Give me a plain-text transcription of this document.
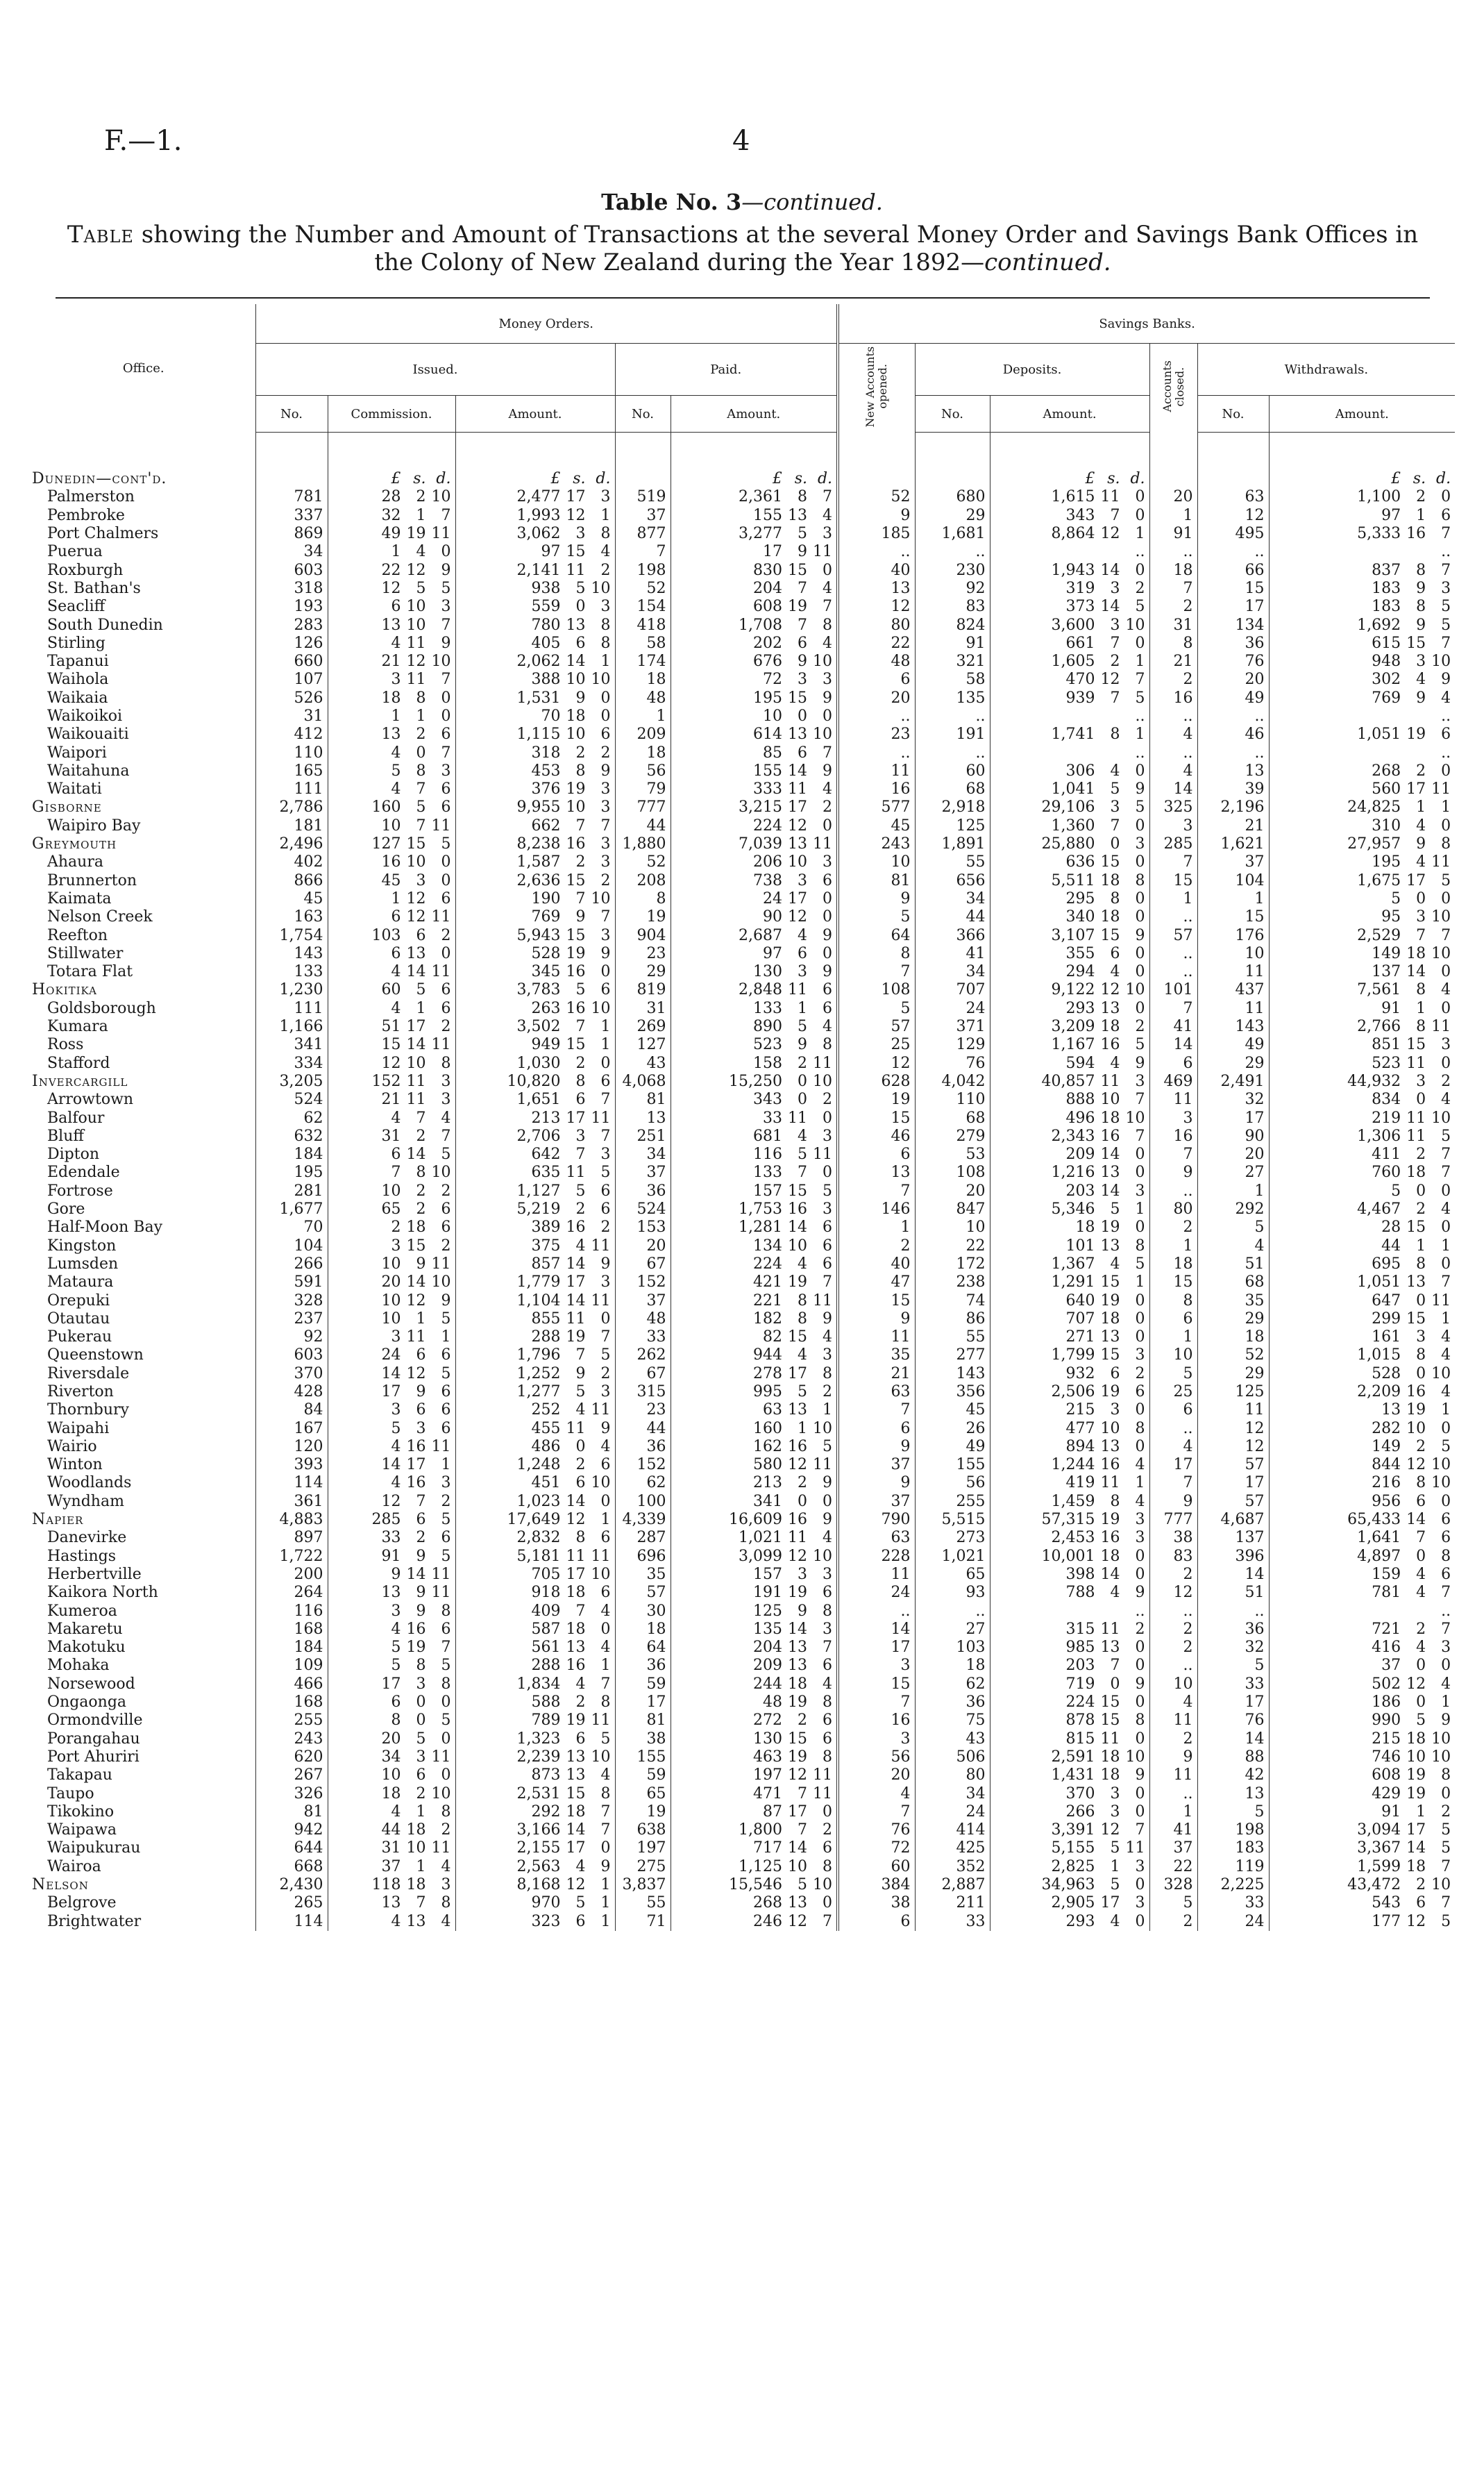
F.—1.	4
Table No. 3—continued.
Table showing the Number and Amount of Transactions at the several Money Order and Savings Bank Offices in the Colony of New Zealand during the Year 1892—continued.
Office.	Money Orders.					Savings Banks.					
	Issued.			Paid.		New Accounts opened.	Deposits.		Accounts closed.	Withdrawals.	
	No.	Commission.	Amount.	No.	Amount.		No.	Amount.		No.	Amount.

Dunedin—cont'd.		£ s. d.	£ s. d.		£ s. d.			£ s. d.			£ s. d.

Palmerston	781	28 2 10	2,477 17 3	519	2,361 8 7	52	680	1,615 11 0	20	63	1,100 2 0

Pembroke	337	32 1 7	1,993 12 1	37	155 13 4	9	29	343 7 0	1	12	97 1 6

Port Chalmers	869	49 19 11	3,062 3 8	877	3,277 5 3	185	1,681	8,864 12 1	91	495	5,333 16 7

Puerua	34	1 4 0	97 15 4	7	17 9 11	..	..	..	..	..	..
Roxburgh	603	22 12 9	2,141 11 2	198	830 15 0	40	230	1,943 14 0	18	66	837 8 7

St. Bathan's	318	12 5 5	938 5 10	52	204 7 4	13	92	319 3 2	7	15	183 9 3

Seacliff	193	6 10 3	559 0 3	154	608 19 7	12	83	373 14 5	2	17	183 8 5

South Dunedin	283	13 10 7	780 13 8	418	1,708 7 8	80	824	3,600 3 10	31	134	1,692 9 5

Stirling	126	4 11 9	405 6 8	58	202 6 4	22	91	661 7 0	8	36	615 15 7

Tapanui	660	21 12 10	2,062 14 1	174	676 9 10	48	321	1,605 2 1	21	76	948 3 10

Waihola	107	3 11 7	388 10 10	18	72 3 3	6	58	470 12 7	2	20	302 4 9

Waikaia	526	18 8 0	1,531 9 0	48	195 15 9	20	135	939 7 5	16	49	769 9 4

Waikoikoi	31	1 1 0	70 18 0	1	10 0 0	..	..	..	..	..	..
Waikouaiti	412	13 2 6	1,115 10 6	209	614 13 10	23	191	1,741 8 1	4	46	1,051 19 6

Waipori	110	4 0 7	318 2 2	18	85 6 7	..	..	..	..	..	..
Waitahuna	165	5 8 3	453 8 9	56	155 14 9	11	60	306 4 0	4	13	268 2 0

Waitati	111	4 7 6	376 19 3	79	333 11 4	16	68	1,041 5 9	14	39	560 17 11

Gisborne	2,786	160 5 6	9,955 10 3	777	3,215 17 2	577	2,918	29,106 3 5	325	2,196	24,825 1 1

Waipiro Bay	181	10 7 11	662 7 7	44	224 12 0	45	125	1,360 7 0	3	21	310 4 0

Greymouth	2,496	127 15 5	8,238 16 3	1,880	7,039 13 11	243	1,891	25,880 0 3	285	1,621	27,957 9 8

Ahaura	402	16 10 0	1,587 2 3	52	206 10 3	10	55	636 15 0	7	37	195 4 11

Brunnerton	866	45 3 0	2,636 15 2	208	738 3 6	81	656	5,511 18 8	15	104	1,675 17 5

Kaimata	45	1 12 6	190 7 10	8	24 17 0	9	34	295 8 0	1	1	5 0 0

Nelson Creek	163	6 12 11	769 9 7	19	90 12 0	5	44	340 18 0	..	15	95 3 10

Reefton	1,754	103 6 2	5,943 15 3	904	2,687 4 9	64	366	3,107 15 9	57	176	2,529 7 7

Stillwater	143	6 13 0	528 19 9	23	97 6 0	8	41	355 6 0	..	10	149 18 10

Totara Flat	133	4 14 11	345 16 0	29	130 3 9	7	34	294 4 0	..	11	137 14 0

Hokitika	1,230	60 5 6	3,783 5 6	819	2,848 11 6	108	707	9,122 12 10	101	437	7,561 8 4

Goldsborough	111	4 1 6	263 16 10	31	133 1 6	5	24	293 13 0	7	11	91 1 0

Kumara	1,166	51 17 2	3,502 7 1	269	890 5 4	57	371	3,209 18 2	41	143	2,766 8 11

Ross	341	15 14 11	949 15 1	127	523 9 8	25	129	1,167 16 5	14	49	851 15 3

Stafford	334	12 10 8	1,030 2 0	43	158 2 11	12	76	594 4 9	6	29	523 11 0

Invercargill	3,205	152 11 3	10,820 8 6	4,068	15,250 0 10	628	4,042	40,857 11 3	469	2,491	44,932 3 2

Arrowtown	524	21 11 3	1,651 6 7	81	343 0 2	19	110	888 10 7	11	32	834 0 4

Balfour	62	4 7 4	213 17 11	13	33 11 0	15	68	496 18 10	3	17	219 11 10

Bluff	632	31 2 7	2,706 3 7	251	681 4 3	46	279	2,343 16 7	16	90	1,306 11 5

Dipton	184	6 14 5	642 7 3	34	116 5 11	6	53	209 14 0	7	20	411 2 7

Edendale	195	7 8 10	635 11 5	37	133 7 0	13	108	1,216 13 0	9	27	760 18 7

Fortrose	281	10 2 2	1,127 5 6	36	157 15 5	7	20	203 14 3	..	1	5 0 0

Gore	1,677	65 2 6	5,219 2 6	524	1,753 16 3	146	847	5,346 5 1	80	292	4,467 2 4

Half-Moon Bay	70	2 18 6	389 16 2	153	1,281 14 6	1	10	18 19 0	2	5	28 15 0

Kingston	104	3 15 2	375 4 11	20	134 10 6	2	22	101 13 8	1	4	44 1 1

Lumsden	266	10 9 11	857 14 9	67	224 4 6	40	172	1,367 4 5	18	51	695 8 0

Mataura	591	20 14 10	1,779 17 3	152	421 19 7	47	238	1,291 15 1	15	68	1,051 13 7

Orepuki	328	10 12 9	1,104 14 11	37	221 8 11	15	74	640 19 0	8	35	647 0 11

Otautau	237	10 1 5	855 11 0	48	182 8 9	9	86	707 18 0	6	29	299 15 1

Pukerau	92	3 11 1	288 19 7	33	82 15 4	11	55	271 13 0	1	18	161 3 4

Queenstown	603	24 6 6	1,796 7 5	262	944 4 3	35	277	1,799 15 3	10	52	1,015 8 4

Riversdale	370	14 12 5	1,252 9 2	67	278 17 8	21	143	932 6 2	5	29	528 0 10

Riverton	428	17 9 6	1,277 5 3	315	995 5 2	63	356	2,506 19 6	25	125	2,209 16 4

Thornbury	84	3 6 6	252 4 11	23	63 13 1	7	45	215 3 0	6	11	13 19 1

Waipahi	167	5 3 6	455 11 9	44	160 1 10	6	26	477 10 8	..	12	282 10 0

Wairio	120	4 16 11	486 0 4	36	162 16 5	9	49	894 13 0	4	12	149 2 5

Winton	393	14 17 1	1,248 2 6	152	580 12 11	37	155	1,244 16 4	17	57	844 12 10

Woodlands	114	4 16 3	451 6 10	62	213 2 9	9	56	419 11 1	7	17	216 8 10

Wyndham	361	12 7 2	1,023 14 0	100	341 0 0	37	255	1,459 8 4	9	57	956 6 0

Napier	4,883	285 6 5	17,649 12 1	4,339	16,609 16 9	790	5,515	57,315 19 3	777	4,687	65,433 14 6

Danevirke	897	33 2 6	2,832 8 6	287	1,021 11 4	63	273	2,453 16 3	38	137	1,641 7 6

Hastings	1,722	91 9 5	5,181 11 11	696	3,099 12 10	228	1,021	10,001 18 0	83	396	4,897 0 8

Herbertville	200	9 14 11	705 17 10	35	157 3 3	11	65	398 14 0	2	14	159 4 6

Kaikora North	264	13 9 11	918 18 6	57	191 19 6	24	93	788 4 9	12	51	781 4 7

Kumeroa	116	3 9 8	409 7 4	30	125 9 8	..	..	..	..	..	..
Makaretu	168	4 16 6	587 18 0	18	135 14 3	14	27	315 11 2	2	36	721 2 7

Makotuku	184	5 19 7	561 13 4	64	204 13 7	17	103	985 13 0	2	32	416 4 3

Mohaka	109	5 8 5	288 16 1	36	209 13 6	3	18	203 7 0	..	5	37 0 0

Norsewood	466	17 3 8	1,834 4 7	59	244 18 4	15	62	719 0 9	10	33	502 12 4

Ongaonga	168	6 0 0	588 2 8	17	48 19 8	7	36	224 15 0	4	17	186 0 1

Ormondville	255	8 0 5	789 19 11	81	272 2 6	16	75	878 15 8	11	76	990 5 9

Porangahau	243	20 5 0	1,323 6 5	38	130 15 6	3	43	815 11 0	2	14	215 18 10

Port Ahuriri	620	34 3 11	2,239 13 10	155	463 19 8	56	506	2,591 18 10	9	88	746 10 10

Takapau	267	10 6 0	873 13 4	59	197 12 11	20	80	1,431 18 9	11	42	608 19 8

Taupo	326	18 2 10	2,531 15 8	65	471 7 11	4	34	370 3 0	..	13	429 19 0

Tikokino	81	4 1 8	292 18 7	19	87 17 0	7	24	266 3 0	1	5	91 1 2

Waipawa	942	44 18 2	3,166 14 7	638	1,800 7 2	76	414	3,391 12 7	41	198	3,094 17 5

Waipukurau	644	31 10 11	2,155 17 0	197	717 14 6	72	425	5,155 5 11	37	183	3,367 14 5

Wairoa	668	37 1 4	2,563 4 9	275	1,125 10 8	60	352	2,825 1 3	22	119	1,599 18 7

Nelson	2,430	118 18 3	8,168 12 1	3,837	15,546 5 10	384	2,887	34,963 5 0	328	2,225	43,472 2 10

Belgrove	265	13 7 8	970 5 1	55	268 13 0	38	211	2,905 17 3	5	33	543 6 7

Brightwater	114	4 13 4	323 6 1	71	246 12 7	6	33	293 4 0	2	24	177 12 5
